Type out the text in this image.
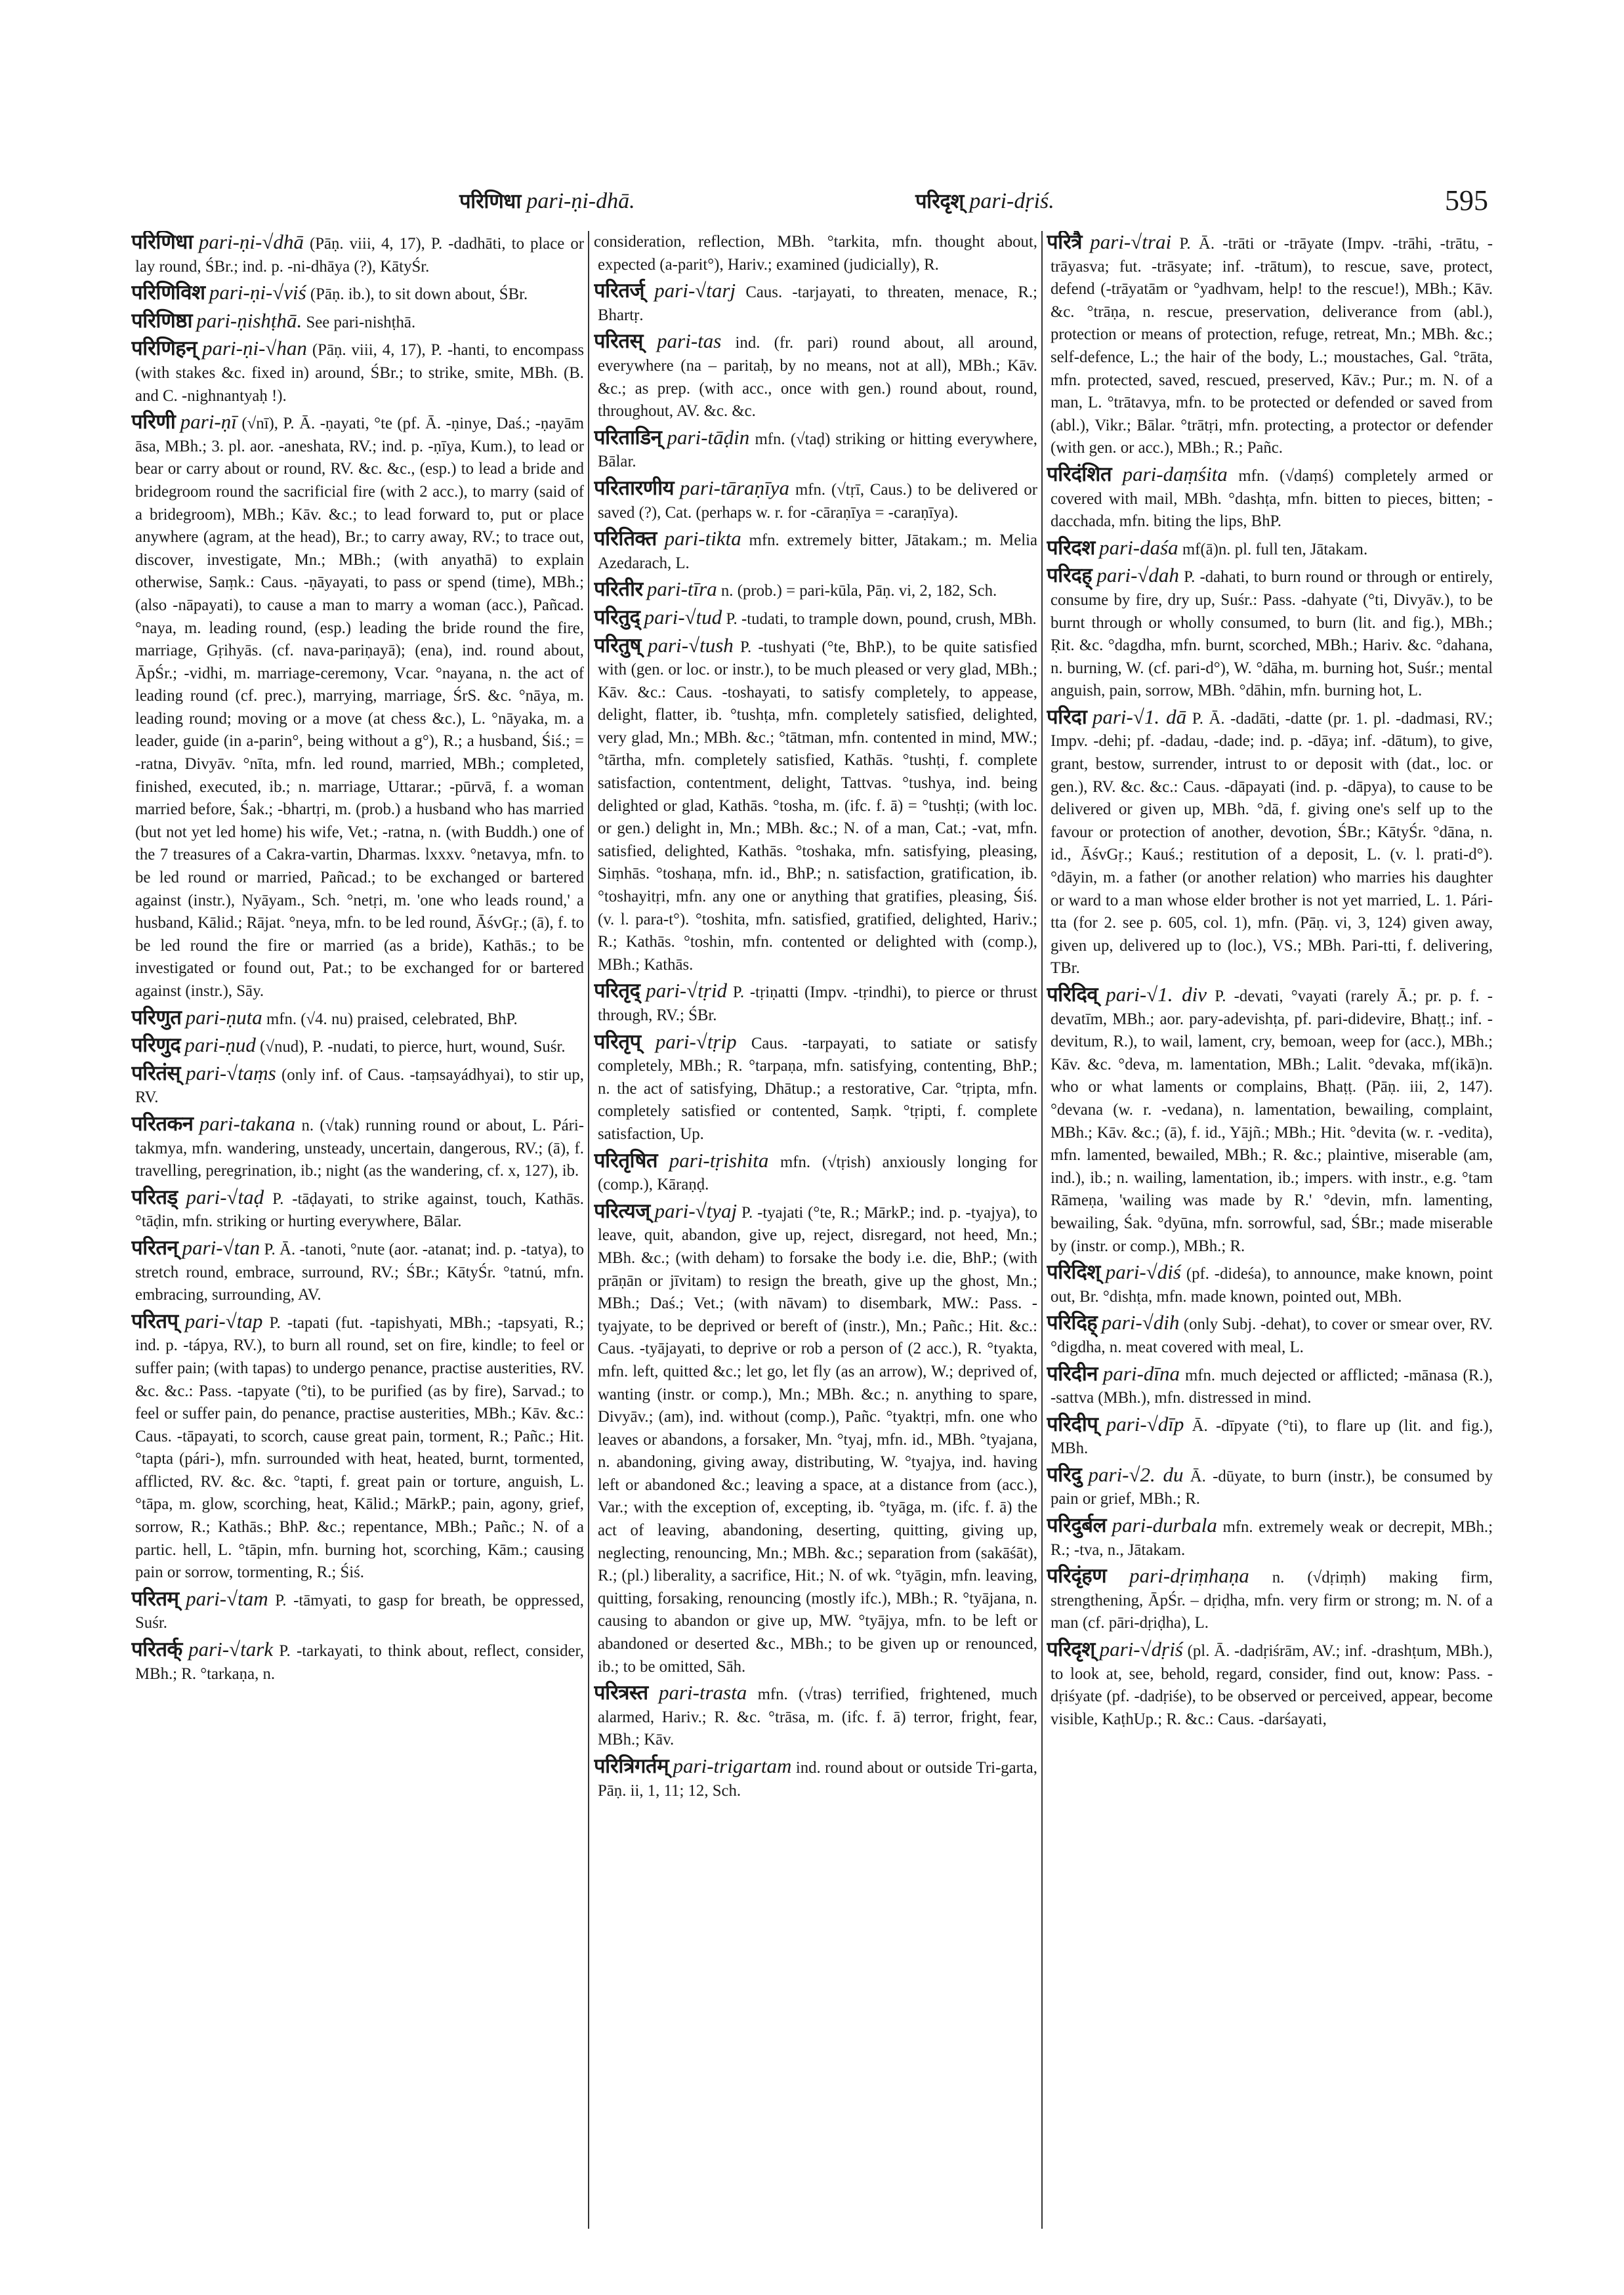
परिणिधा pari-ṇi-dhā.	परिदृश् pari-dṛiś.	595

परिणिधा pari-ṇi-√dhā (Pāṇ. viii, 4, 17), P. -dadhāti, to place or lay round, ŚBr.; ind. p. -ni-dhāya (?), KātyŚr.

परिणिविश pari-ṇi-√viś (Pāṇ. ib.), to sit down about, ŚBr.

परिणिष्ठा pari-ṇishṭhā. See pari-nishṭhā.

परिणिहन् pari-ṇi-√han (Pāṇ. viii, 4, 17), P. -hanti, to encompass (with stakes &c. fixed in) around, ŚBr.; to strike, smite, MBh. (B. and C. -nighnantyaḥ !).

परिणी pari-ṇī (√nī), P. Ā. -ṇayati, °te (pf. Ā. -ṇinye, Daś.; -ṇayām āsa, MBh.; 3. pl. aor. -aneshata, RV.; ind. p. -ṇīya, Kum.), to lead or bear or carry about or round, RV. &c. &c., (esp.) to lead a bride and bridegroom round the sacrificial fire (with 2 acc.), to marry (said of a bridegroom), MBh.; Kāv. &c.; to lead forward to, put or place anywhere (agram, at the head), Br.; to carry away, RV.; to trace out, discover, investigate, Mn.; MBh.; (with anyathā) to explain otherwise, Saṃk.: Caus. -ṇāyayati, to pass or spend (time), MBh.; (also -nāpayati), to cause a man to marry a woman (acc.), Pañcad. °naya, m. leading round, (esp.) leading the bride round the fire, marriage, Gṛihyās. (cf. nava-pariṇayā); (ena), ind. round about, ĀpŚr.; -vidhi, m. marriage-ceremony, Vcar. °nayana, n. the act of leading round (cf. prec.), marrying, marriage, ŚrS. &c. °nāya, m. leading round; moving or a move (at chess &c.), L. °nāyaka, m. a leader, guide (in a-parin°, being without a g°), R.; a husband, Śiś.; = -ratna, Divyāv. °nīta, mfn. led round, married, MBh.; completed, finished, executed, ib.; n. marriage, Uttarar.; -pūrvā, f. a woman married before, Śak.; -bhartṛi, m. (prob.) a husband who has married (but not yet led home) his wife, Vet.; -ratna, n. (with Buddh.) one of the 7 treasures of a Cakra-vartin, Dharmas. lxxxv. °netavya, mfn. to be led round or married, Pañcad.; to be exchanged or bartered against (instr.), Nyāyam., Sch. °netṛi, m. 'one who leads round,' a husband, Kālid.; Rājat. °neya, mfn. to be led round, ĀśvGṛ.; (ā), f. to be led round the fire or married (as a bride), Kathās.; to be investigated or found out, Pat.; to be exchanged for or bartered against (instr.), Sāy.

परिणुत pari-ṇuta mfn. (√4. nu) praised, celebrated, BhP.

परिणुद pari-ṇud (√nud), P. -nudati, to pierce, hurt, wound, Suśr.

परितंस् pari-√taṃs (only inf. of Caus. -taṃsayádhyai), to stir up, RV.

परितकन pari-takana n. (√tak) running round or about, L. Pári-takmya, mfn. wandering, unsteady, uncertain, dangerous, RV.; (ā), f. travelling, peregrination, ib.; night (as the wandering, cf. x, 127), ib.

परितड् pari-√taḍ P. -tāḍayati, to strike against, touch, Kathās. °tāḍin, mfn. striking or hurting everywhere, Bālar.

परितन् pari-√tan P. Ā. -tanoti, °nute (aor. -atanat; ind. p. -tatya), to stretch round, embrace, surround, RV.; ŚBr.; KātyŚr. °tatnú, mfn. embracing, surrounding, AV.

परितप् pari-√tap P. -tapati (fut. -tapishyati, MBh.; -tapsyati, R.; ind. p. -tápya, RV.), to burn all round, set on fire, kindle; to feel or suffer pain; (with tapas) to undergo penance, practise austerities, RV. &c. &c.: Pass. -tapyate (°ti), to be purified (as by fire), Sarvad.; to feel or suffer pain, do penance, practise austerities, MBh.; Kāv. &c.: Caus. -tāpayati, to scorch, cause great pain, torment, R.; Pañc.; Hit. °tapta (pári-), mfn. surrounded with heat, heated, burnt, tormented, afflicted, RV. &c. &c. °tapti, f. great pain or torture, anguish, L. °tāpa, m. glow, scorching, heat, Kālid.; MārkP.; pain, agony, grief, sorrow, R.; Kathās.; BhP. &c.; repentance, MBh.; Pañc.; N. of a partic. hell, L. °tāpin, mfn. burning hot, scorching, Kām.; causing pain or sorrow, tormenting, R.; Śiś.

परितम् pari-√tam P. -tāmyati, to gasp for breath, be oppressed, Suśr.

परितर्क् pari-√tark P. -tarkayati, to think about, reflect, consider, MBh.; R. °tarkaṇa, n.

consideration, reflection, MBh. °tarkita, mfn. thought about, expected (a-parit°), Hariv.; examined (judicially), R.

परितर्ज् pari-√tarj Caus. -tarjayati, to threaten, menace, R.; Bhartṛ.

परितस् pari-tas ind. (fr. pari) round about, all around, everywhere (na – paritaḥ, by no means, not at all), MBh.; Kāv. &c.; as prep. (with acc., once with gen.) round about, round, throughout, AV. &c. &c.

परिताडिन् pari-tāḍin mfn. (√taḍ) striking or hitting everywhere, Bālar.

परितारणीय pari-tāraṇīya mfn. (√tṛī, Caus.) to be delivered or saved (?), Cat. (perhaps w. r. for -cāraṇīya = -caraṇīya).

परितिक्त pari-tikta mfn. extremely bitter, Jātakam.; m. Melia Azedarach, L.

परितीर pari-tīra n. (prob.) = pari-kūla, Pāṇ. vi, 2, 182, Sch.

परितुद् pari-√tud P. -tudati, to trample down, pound, crush, MBh.

परितुष् pari-√tush P. -tushyati (°te, BhP.), to be quite satisfied with (gen. or loc. or instr.), to be much pleased or very glad, MBh.; Kāv. &c.: Caus. -toshayati, to satisfy completely, to appease, delight, flatter, ib. °tushṭa, mfn. completely satisfied, delighted, very glad, Mn.; MBh. &c.; °tātman, mfn. contented in mind, MW.; °tārtha, mfn. completely satisfied, Kathās. °tushṭi, f. complete satisfaction, contentment, delight, Tattvas. °tushya, ind. being delighted or glad, Kathās. °tosha, m. (ifc. f. ā) = °tushṭi; (with loc. or gen.) delight in, Mn.; MBh. &c.; N. of a man, Cat.; -vat, mfn. satisfied, delighted, Kathās. °toshaka, mfn. satisfying, pleasing, Siṃhās. °toshaṇa, mfn. id., BhP.; n. satisfaction, gratification, ib. °toshayitṛi, mfn. any one or anything that gratifies, pleasing, Śiś. (v. l. para-t°). °toshita, mfn. satisfied, gratified, delighted, Hariv.; R.; Kathās. °toshin, mfn. contented or delighted with (comp.), MBh.; Kathās.

परितृद् pari-√tṛid P. -tṛiṇatti (Impv. -tṛindhi), to pierce or thrust through, RV.; ŚBr.

परितृप् pari-√tṛip Caus. -tarpayati, to satiate or satisfy completely, MBh.; R. °tarpaṇa, mfn. satisfying, contenting, BhP.; n. the act of satisfying, Dhātup.; a restorative, Car. °tṛipta, mfn. completely satisfied or contented, Saṃk. °tṛipti, f. complete satisfaction, Up.

परितृषित pari-tṛishita mfn. (√tṛish) anxiously longing for (comp.), Kāraṇḍ.

परित्यज् pari-√tyaj P. -tyajati (°te, R.; MārkP.; ind. p. -tyajya), to leave, quit, abandon, give up, reject, disregard, not heed, Mn.; MBh. &c.; (with deham) to forsake the body i.e. die, BhP.; (with prāṇān or jīvitam) to resign the breath, give up the ghost, Mn.; MBh.; Daś.; Vet.; (with nāvam) to disembark, MW.: Pass. -tyajyate, to be deprived or bereft of (instr.), Mn.; Pañc.; Hit. &c.: Caus. -tyājayati, to deprive or rob a person of (2 acc.), R. °tyakta, mfn. left, quitted &c.; let go, let fly (as an arrow), W.; deprived of, wanting (instr. or comp.), Mn.; MBh. &c.; n. anything to spare, Divyāv.; (am), ind. without (comp.), Pañc. °tyaktṛi, mfn. one who leaves or abandons, a forsaker, Mn. °tyaj, mfn. id., MBh. °tyajana, n. abandoning, giving away, distributing, W. °tyajya, ind. having left or abandoned &c.; leaving a space, at a distance from (acc.), Var.; with the exception of, excepting, ib. °tyāga, m. (ifc. f. ā) the act of leaving, abandoning, deserting, quitting, giving up, neglecting, renouncing, Mn.; MBh. &c.; separation from (sakāśāt), R.; (pl.) liberality, a sacrifice, Hit.; N. of wk. °tyāgin, mfn. leaving, quitting, forsaking, renouncing (mostly ifc.), MBh.; R. °tyājana, n. causing to abandon or give up, MW. °tyājya, mfn. to be left or abandoned or deserted &c., MBh.; to be given up or renounced, ib.; to be omitted, Sāh.

परित्रस्त pari-trasta mfn. (√tras) terrified, frightened, much alarmed, Hariv.; R. &c. °trāsa, m. (ifc. f. ā) terror, fright, fear, MBh.; Kāv.

परित्रिगर्तम् pari-trigartam ind. round about or outside Tri-garta, Pāṇ. ii, 1, 11; 12, Sch.

परित्रै pari-√trai P. Ā. -trāti or -trāyate (Impv. -trāhi, -trātu, -trāyasva; fut. -trāsyate; inf. -trātum), to rescue, save, protect, defend (-trāyatām or °yadhvam, help! to the rescue!), MBh.; Kāv. &c. °trāṇa, n. rescue, preservation, deliverance from (abl.), protection or means of protection, refuge, retreat, Mn.; MBh. &c.; self-defence, L.; the hair of the body, L.; moustaches, Gal. °trāta, mfn. protected, saved, rescued, preserved, Kāv.; Pur.; m. N. of a man, L. °trātavya, mfn. to be protected or defended or saved from (abl.), Vikr.; Bālar. °trātṛi, mfn. protecting, a protector or defender (with gen. or acc.), MBh.; R.; Pañc.

परिदंशित pari-daṃśita mfn. (√daṃś) completely armed or covered with mail, MBh. °dashṭa, mfn. bitten to pieces, bitten; -dacchada, mfn. biting the lips, BhP.

परिदश pari-daśa mf(ā)n. pl. full ten, Jātakam.

परिदह् pari-√dah P. -dahati, to burn round or through or entirely, consume by fire, dry up, Suśr.: Pass. -dahyate (°ti, Divyāv.), to be burnt through or wholly consumed, to burn (lit. and fig.), MBh.; Ṛit. &c. °dagdha, mfn. burnt, scorched, MBh.; Hariv. &c. °dahana, n. burning, W. (cf. pari-d°), W. °dāha, m. burning hot, Suśr.; mental anguish, pain, sorrow, MBh. °dāhin, mfn. burning hot, L.

परिदा pari-√1. dā P. Ā. -dadāti, -datte (pr. 1. pl. -dadmasi, RV.; Impv. -dehi; pf. -dadau, -dade; ind. p. -dāya; inf. -dātum), to give, grant, bestow, surrender, intrust to or deposit with (dat., loc. or gen.), RV. &c. &c.: Caus. -dāpayati (ind. p. -dāpya), to cause to be delivered or given up, MBh. °dā, f. giving one's self up to the favour or protection of another, devotion, ŚBr.; KātyŚr. °dāna, n. id., ĀśvGṛ.; Kauś.; restitution of a deposit, L. (v. l. prati-d°). °dāyin, m. a father (or another relation) who marries his daughter or ward to a man whose elder brother is not yet married, L. 1. Pári-tta (for 2. see p. 605, col. 1), mfn. (Pāṇ. vi, 3, 124) given away, given up, delivered up to (loc.), VS.; MBh. Pari-tti, f. delivering, TBr.

परिदिव् pari-√1. div P. -devati, °vayati (rarely Ā.; pr. p. f. -devatīm, MBh.; aor. pary-adevishṭa, pf. pari-didevire, Bhaṭṭ.; inf. -devitum, R.), to wail, lament, cry, bemoan, weep for (acc.), MBh.; Kāv. &c. °deva, m. lamentation, MBh.; Lalit. °devaka, mf(ikā)n. who or what laments or complains, Bhaṭṭ. (Pāṇ. iii, 2, 147). °devana (w. r. -vedana), n. lamentation, bewailing, complaint, MBh.; Kāv. &c.; (ā), f. id., Yājñ.; MBh.; Hit. °devita (w. r. -vedita), mfn. lamented, bewailed, MBh.; R. &c.; plaintive, miserable (am, ind.), ib.; n. wailing, lamentation, ib.; impers. with instr., e.g. °tam Rāmeṇa, 'wailing was made by R.' °devin, mfn. lamenting, bewailing, Śak. °dyūna, mfn. sorrowful, sad, ŚBr.; made miserable by (instr. or comp.), MBh.; R.

परिदिश् pari-√diś (pf. -dideśa), to announce, make known, point out, Br. °dishṭa, mfn. made known, pointed out, MBh.

परिदिह् pari-√dih (only Subj. -dehat), to cover or smear over, RV. °digdha, n. meat covered with meal, L.

परिदीन pari-dīna mfn. much dejected or afflicted; -mānasa (R.), -sattva (MBh.), mfn. distressed in mind.

परिदीप् pari-√dīp Ā. -dīpyate (°ti), to flare up (lit. and fig.), MBh.

परिदु pari-√2. du Ā. -dūyate, to burn (instr.), be consumed by pain or grief, MBh.; R.

परिदुर्बल pari-durbala mfn. extremely weak or decrepit, MBh.; R.; -tva, n., Jātakam.

परिदृंहण pari-dṛiṃhaṇa n. (√dṛiṃh) making firm, strengthening, ĀpŚr. – dṛiḍha, mfn. very firm or strong; m. N. of a man (cf. pāri-dṛiḍha), L.

परिदृश् pari-√dṛiś (pl. Ā. -dadṛiśrām, AV.; inf. -drashṭum, MBh.), to look at, see, behold, regard, consider, find out, know: Pass. -dṛiśyate (pf. -dadṛiśe), to be observed or perceived, appear, become visible, KaṭhUp.; R. &c.: Caus. -darśayati,
